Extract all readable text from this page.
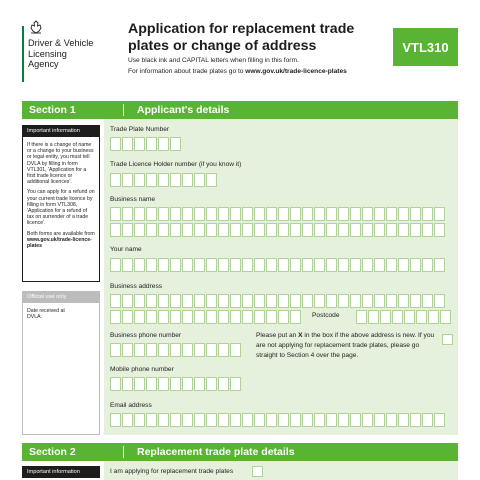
Driver & Vehicle
Licensing
Agency
Application for replacement trade plates or change of address
Use black ink and CAPITAL letters when filling in this form.
For information about trade plates go to www.gov.uk/trade-licence-plates
VTL310
Section 1	Applicant's details
Important information

If there is a change of name or a change to your business or legal entity, you must tell DVLA by filling in form VTL301, 'Application for a first trade licence or additional licences'.

You can apply for a refund on your current trade licence by filling in form VTL308, 'Application for a refund of tax on surrender of a trade licence'.

Both forms are available from www.gov.uk/trade-licence-plates

Official use only

Date received at DVLA:

Trade Plate Number
Trade Licence Holder number (if you know it)
Business name
Your name
Business address
Postcode
Business phone number	Please put an X in the box if the above address is new. If you are not applying for replacement trade plates, please go straight to Section 4 over the page.
Mobile phone number
Email address
Section 2	Replacement trade plate details
Important information	I am applying for replacement trade plates
